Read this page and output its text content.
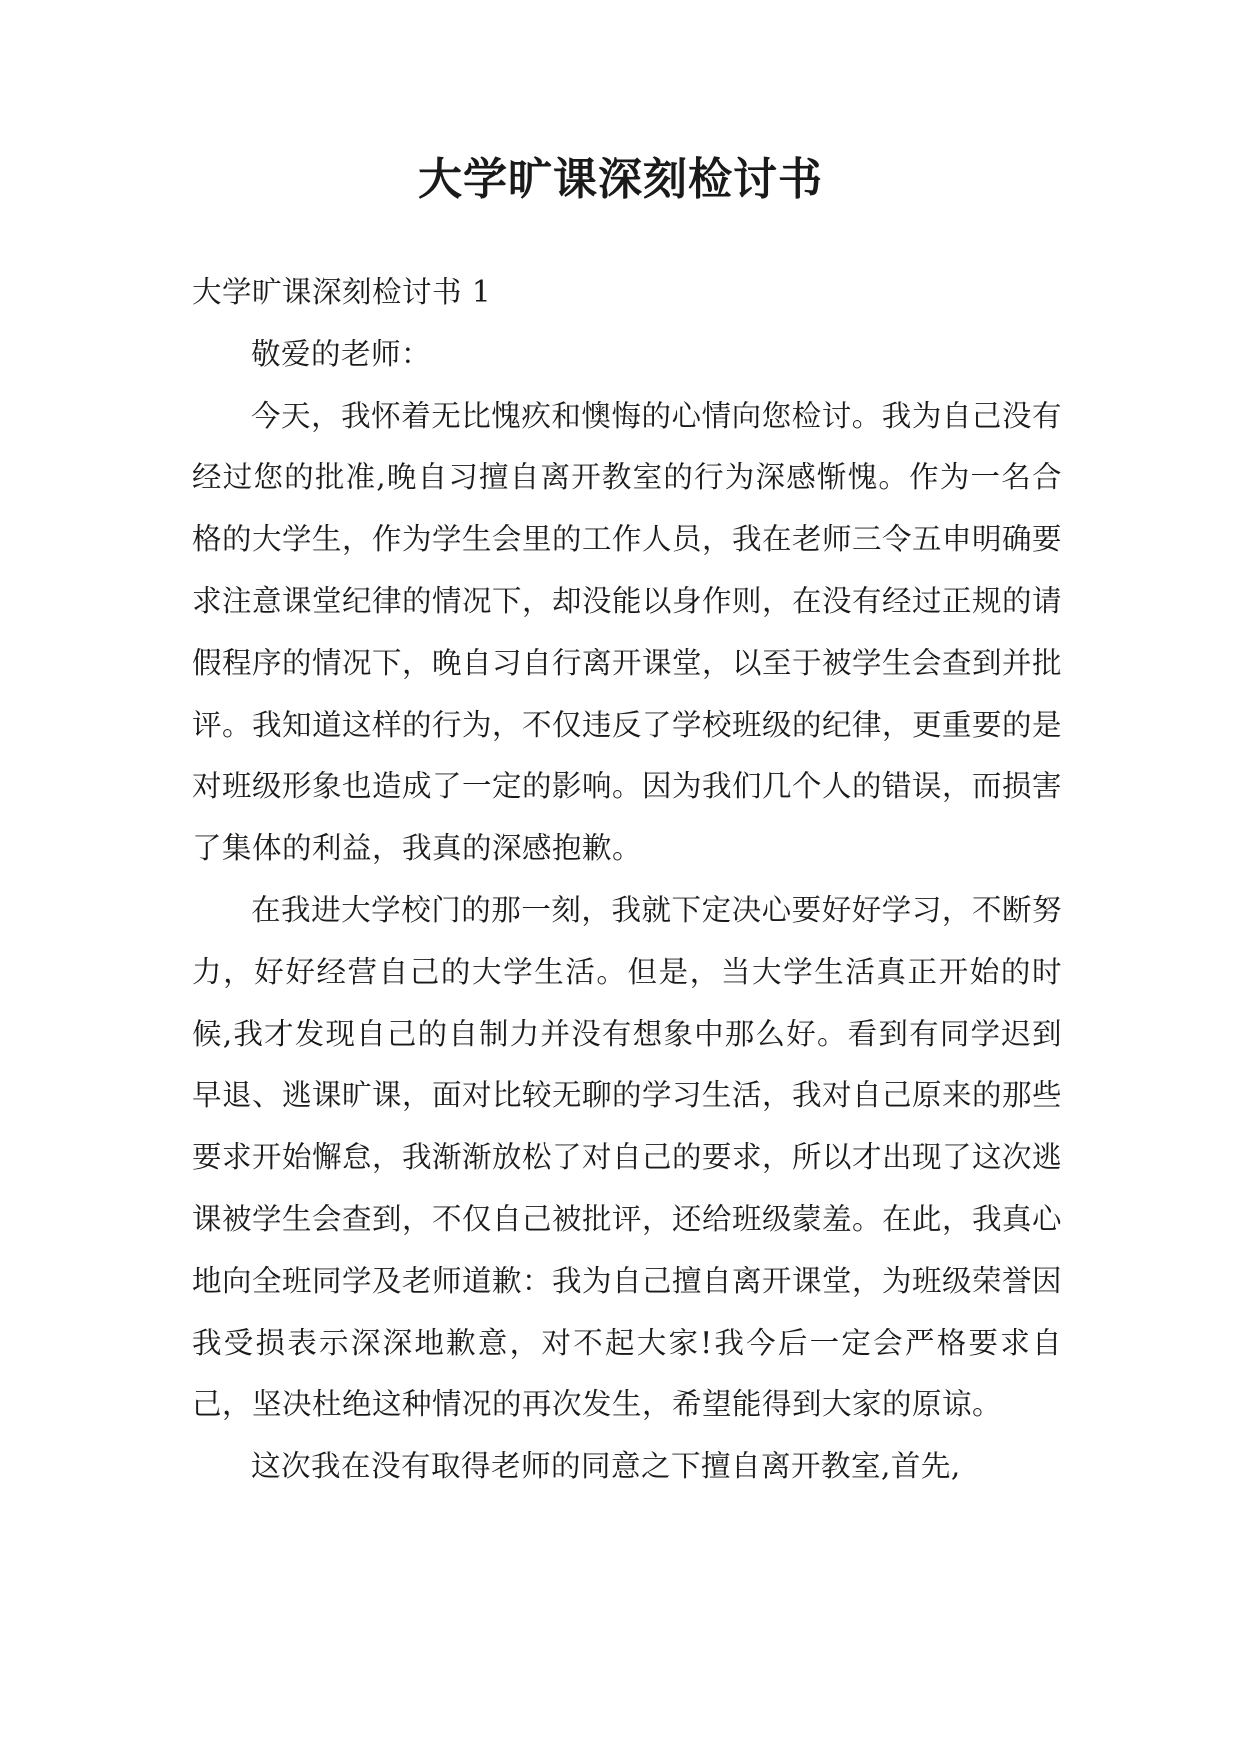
大学旷课深刻检讨书

大学旷课深刻检讨书 1

敬爱的老师：

今天，我怀着无比愧疚和懊悔的心情向您检讨。我为自己没有经过您的批准,晚自习擅自离开教室的行为深感惭愧。作为一名合格的大学生，作为学生会里的工作人员，我在老师三令五申明确要求注意课堂纪律的情况下，却没能以身作则，在没有经过正规的请假程序的情况下，晚自习自行离开课堂，以至于被学生会查到并批评。我知道这样的行为，不仅违反了学校班级的纪律，更重要的是对班级形象也造成了一定的影响。因为我们几个人的错误，而损害了集体的利益，我真的深感抱歉。

在我进大学校门的那一刻，我就下定决心要好好学习，不断努力，好好经营自己的大学生活。但是，当大学生活真正开始的时候,我才发现自己的自制力并没有想象中那么好。看到有同学迟到早退、逃课旷课，面对比较无聊的学习生活，我对自己原来的那些要求开始懈怠，我渐渐放松了对自己的要求，所以才出现了这次逃课被学生会查到，不仅自己被批评，还给班级蒙羞。在此，我真心地向全班同学及老师道歉：我为自己擅自离开课堂，为班级荣誉因我受损表示深深地歉意，对不起大家!我今后一定会严格要求自己，坚决杜绝这种情况的再次发生，希望能得到大家的原谅。

这次我在没有取得老师的同意之下擅自离开教室,首先,
